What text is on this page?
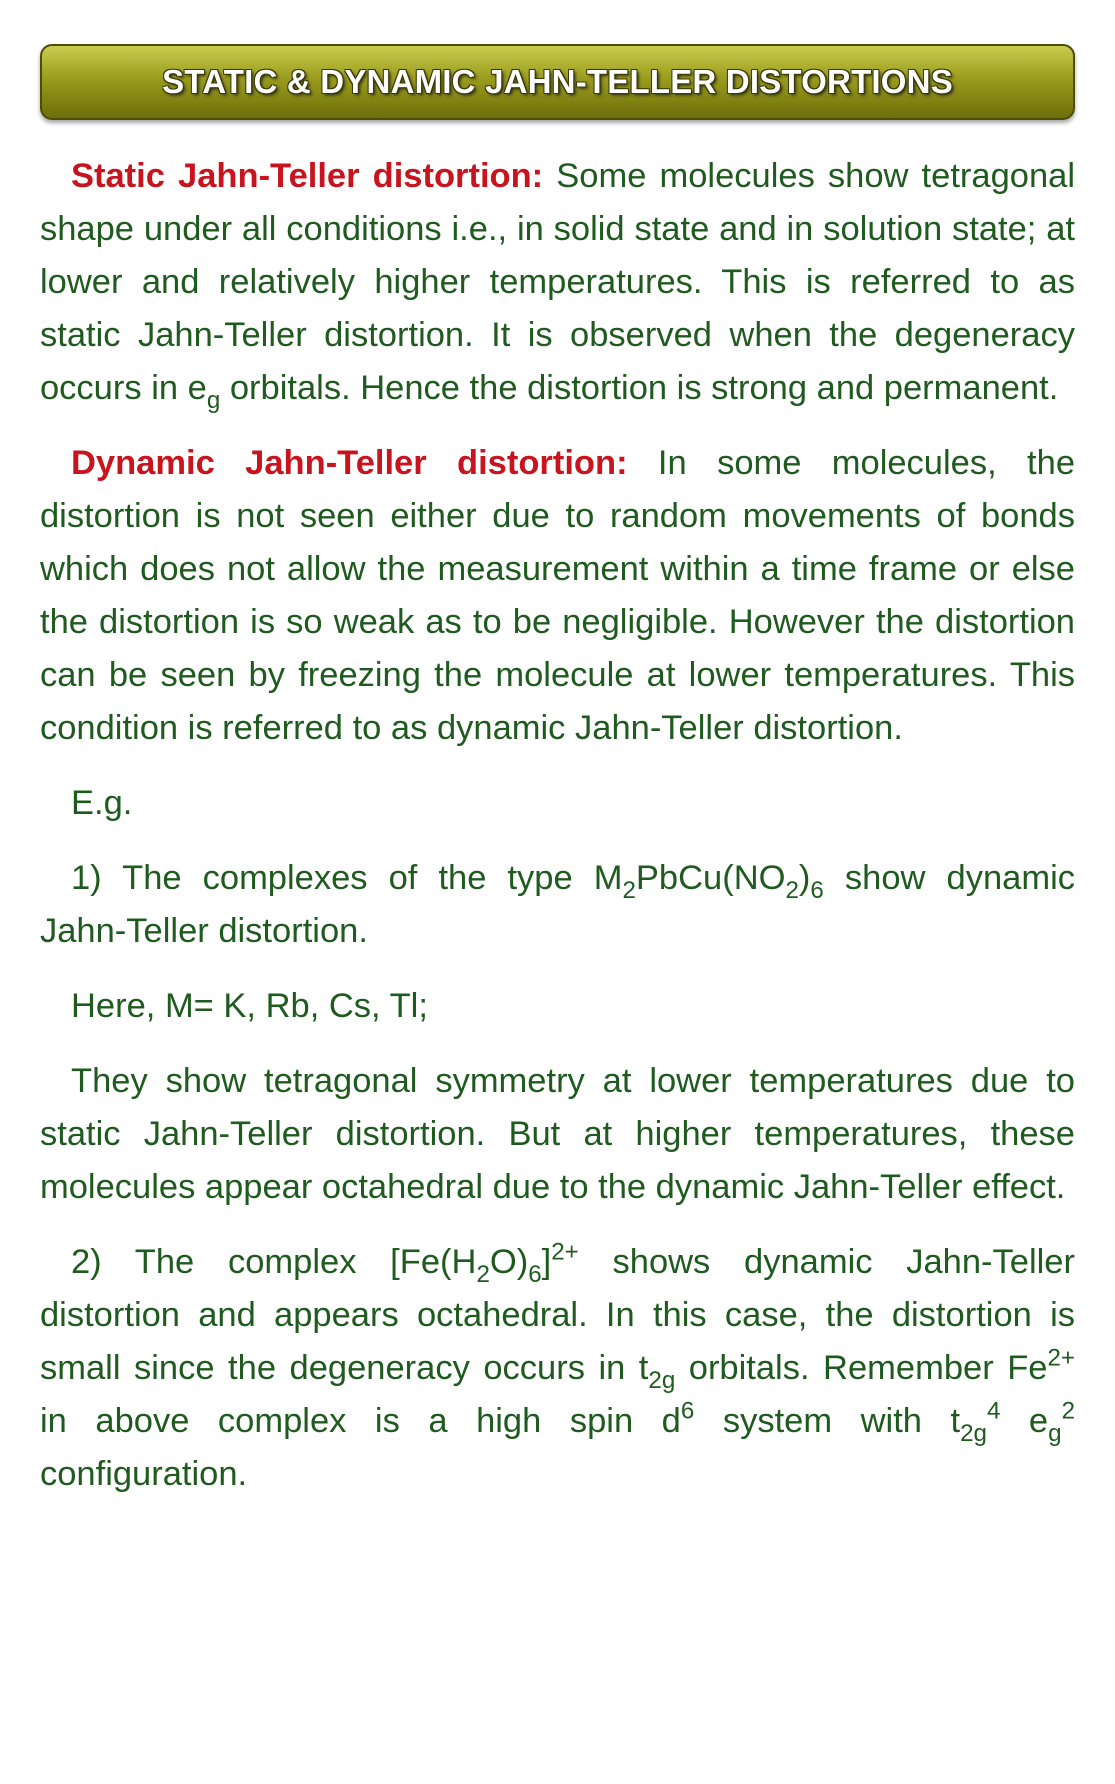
STATIC & DYNAMIC JAHN-TELLER DISTORTIONS

Static Jahn-Teller distortion: Some molecules show tetragonal shape under all conditions i.e., in solid state and in solution state; at lower and relatively higher temperatures. This is referred to as static Jahn-Teller distortion. It is observed when the degeneracy occurs in $e_g$ orbitals. Hence the distortion is strong and permanent.

Dynamic Jahn-Teller distortion: In some molecules, the distortion is not seen either due to random movements of bonds which does not allow the measurement within a time frame or else the distortion is so weak as to be negligible. However the distortion can be seen by freezing the molecule at lower temperatures. This condition is referred to as dynamic Jahn-Teller distortion.

E.g.

1) The complexes of the type $M_2PbCu(NO_2)_6$ show dynamic Jahn-Teller distortion.

Here, M= K, Rb, Cs, Tl;

They show tetragonal symmetry at lower temperatures due to static Jahn-Teller distortion. But at higher temperatures, these molecules appear octahedral due to the dynamic Jahn-Teller effect.

2) The complex $[Fe(H_2O)_6]^{2+}$ shows dynamic Jahn-Teller distortion and appears octahedral. In this case, the distortion is small since the degeneracy occurs in $t_{2g}$ orbitals. Remember $Fe^{2+}$ in above complex is a high spin $d^6$ system with $t_{2g}^4$ $e_g^2$ configuration.
